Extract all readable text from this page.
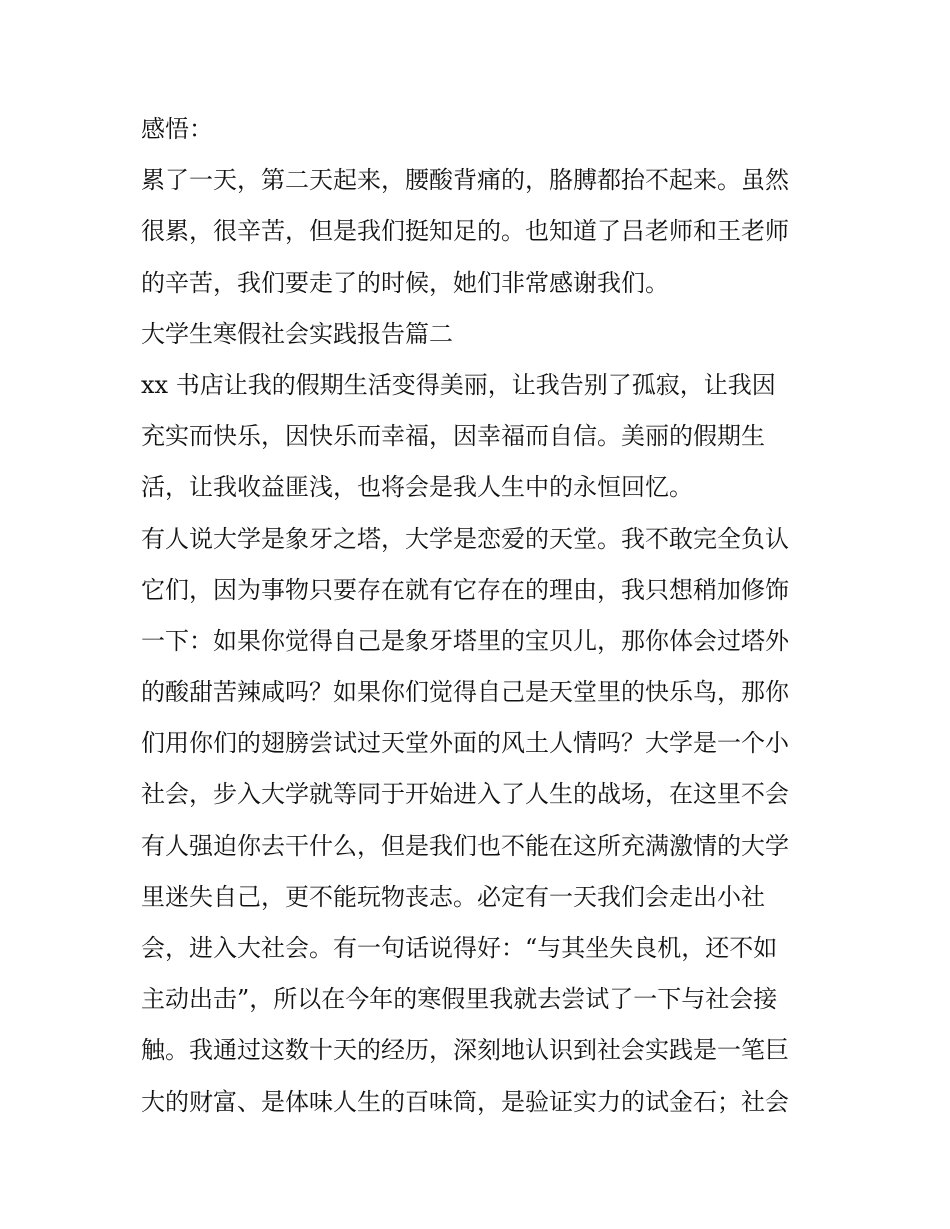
感悟：
累了一天，第二天起来，腰酸背痛的，胳膊都抬不起来。虽然
很累，很辛苦，但是我们挺知足的。也知道了吕老师和王老师
的辛苦，我们要走了的时候，她们非常感谢我们。
大学生寒假社会实践报告篇二
xx 书店让我的假期生活变得美丽，让我告别了孤寂，让我因
充实而快乐，因快乐而幸福，因幸福而自信。美丽的假期生
活，让我收益匪浅，也将会是我人生中的永恒回忆。
有人说大学是象牙之塔，大学是恋爱的天堂。我不敢完全负认
它们，因为事物只要存在就有它存在的理由，我只想稍加修饰
一下：如果你觉得自己是象牙塔里的宝贝儿，那你体会过塔外
的酸甜苦辣咸吗？如果你们觉得自己是天堂里的快乐鸟，那你
们用你们的翅膀尝试过天堂外面的风土人情吗？大学是一个小
社会，步入大学就等同于开始进入了人生的战场，在这里不会
有人强迫你去干什么，但是我们也不能在这所充满激情的大学
里迷失自己，更不能玩物丧志。必定有一天我们会走出小社
会，进入大社会。有一句话说得好：“与其坐失良机，还不如
主动出击”，所以在今年的寒假里我就去尝试了一下与社会接
触。我通过这数十天的经历，深刻地认识到社会实践是一笔巨
大的财富、是体味人生的百味筒，是验证实力的试金石；社会
